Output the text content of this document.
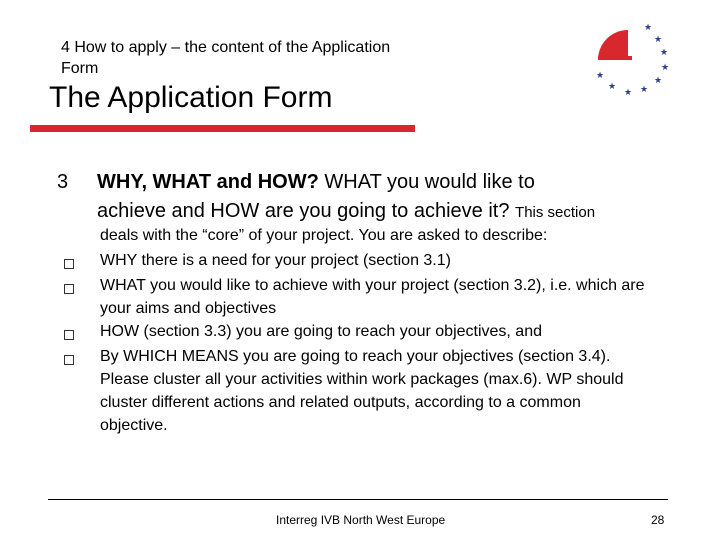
4 How to apply – the content of the Application
Form
The Application Form
★
★
★
★
★
★
★
★
★
3 WHY, WHAT and HOW? WHAT you would like to
achieve and HOW are you going to achieve it? This section
deals with the “core” of your project. You are asked to describe:
WHY there is a need for your project (section 3.1)
WHAT you would like to achieve with your project (section 3.2), i.e. which are
your aims and objectives
HOW (section 3.3) you are going to reach your objectives, and
By WHICH MEANS you are going to reach your objectives (section 3.4).
Please cluster all your activities within work packages (max.6). WP should
cluster different actions and related outputs, according to a common
objective.
Interreg IVB North West Europe	28
